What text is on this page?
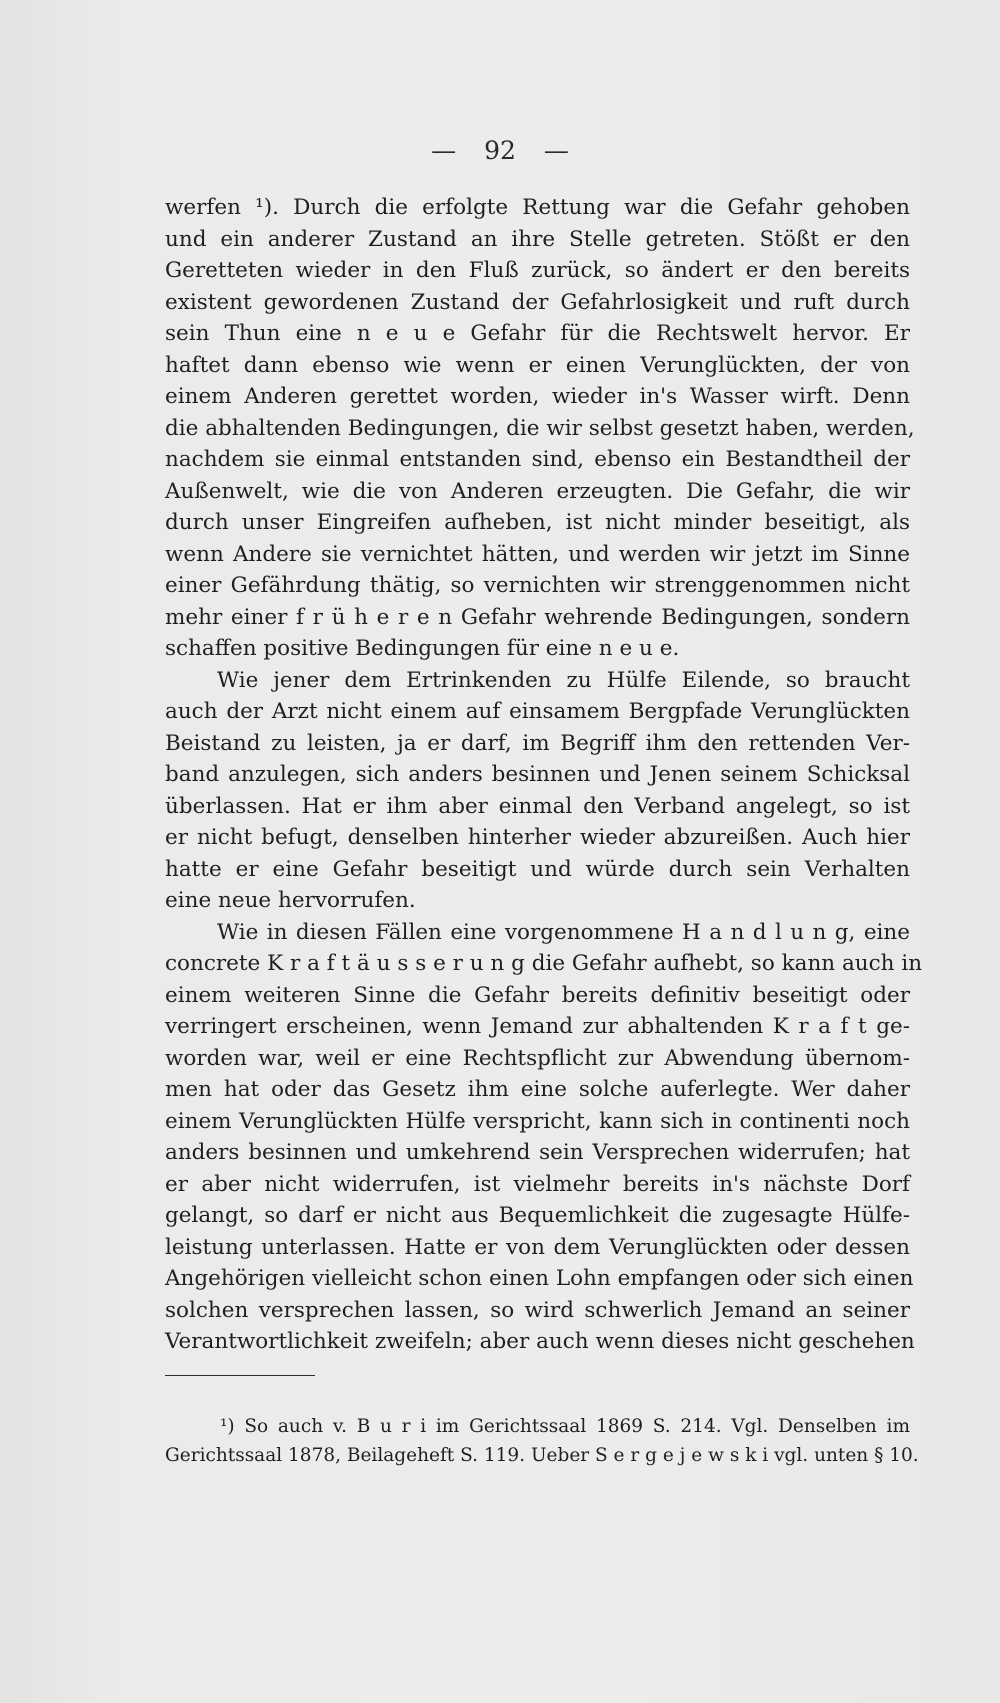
— 92 —
werfen ¹). Durch die erfolgte Rettung war die Gefahr gehoben
und ein anderer Zustand an ihre Stelle getreten. Stößt er den
Geretteten wieder in den Fluß zurück, so ändert er den bereits
existent gewordenen Zustand der Gefahrlosigkeit und ruft durch
sein Thun eine n e u e Gefahr für die Rechtswelt hervor. Er
haftet dann ebenso wie wenn er einen Verunglückten, der von
einem Anderen gerettet worden, wieder in's Wasser wirft. Denn
die abhaltenden Bedingungen, die wir selbst gesetzt haben, werden,
nachdem sie einmal entstanden sind, ebenso ein Bestandtheil der
Außenwelt, wie die von Anderen erzeugten. Die Gefahr, die wir
durch unser Eingreifen aufheben, ist nicht minder beseitigt, als
wenn Andere sie vernichtet hätten, und werden wir jetzt im Sinne
einer Gefährdung thätig, so vernichten wir strenggenommen nicht
mehr einer f r ü h e r e n Gefahr wehrende Bedingungen, sondern
schaffen positive Bedingungen für eine n e u e.
Wie jener dem Ertrinkenden zu Hülfe Eilende, so braucht
auch der Arzt nicht einem auf einsamem Bergpfade Verunglückten
Beistand zu leisten, ja er darf, im Begriff ihm den rettenden Ver-
band anzulegen, sich anders besinnen und Jenen seinem Schicksal
überlassen. Hat er ihm aber einmal den Verband angelegt, so ist
er nicht befugt, denselben hinterher wieder abzureißen. Auch hier
hatte er eine Gefahr beseitigt und würde durch sein Verhalten
eine neue hervorrufen.
Wie in diesen Fällen eine vorgenommene H a n d l u n g, eine
concrete K r a f t ä u s s e r u n g die Gefahr aufhebt, so kann auch in
einem weiteren Sinne die Gefahr bereits definitiv beseitigt oder
verringert erscheinen, wenn Jemand zur abhaltenden K r a f t ge-
worden war, weil er eine Rechtspflicht zur Abwendung übernom-
men hat oder das Gesetz ihm eine solche auferlegte. Wer daher
einem Verunglückten Hülfe verspricht, kann sich in continenti noch
anders besinnen und umkehrend sein Versprechen widerrufen; hat
er aber nicht widerrufen, ist vielmehr bereits in's nächste Dorf
gelangt, so darf er nicht aus Bequemlichkeit die zugesagte Hülfe-
leistung unterlassen. Hatte er von dem Verunglückten oder dessen
Angehörigen vielleicht schon einen Lohn empfangen oder sich einen
solchen versprechen lassen, so wird schwerlich Jemand an seiner
Verantwortlichkeit zweifeln; aber auch wenn dieses nicht geschehen
¹) So auch v. B u r i im Gerichtssaal 1869 S. 214. Vgl. Denselben im
Gerichtssaal 1878, Beilageheft S. 119. Ueber S e r g e j e w s k i vgl. unten § 10.
